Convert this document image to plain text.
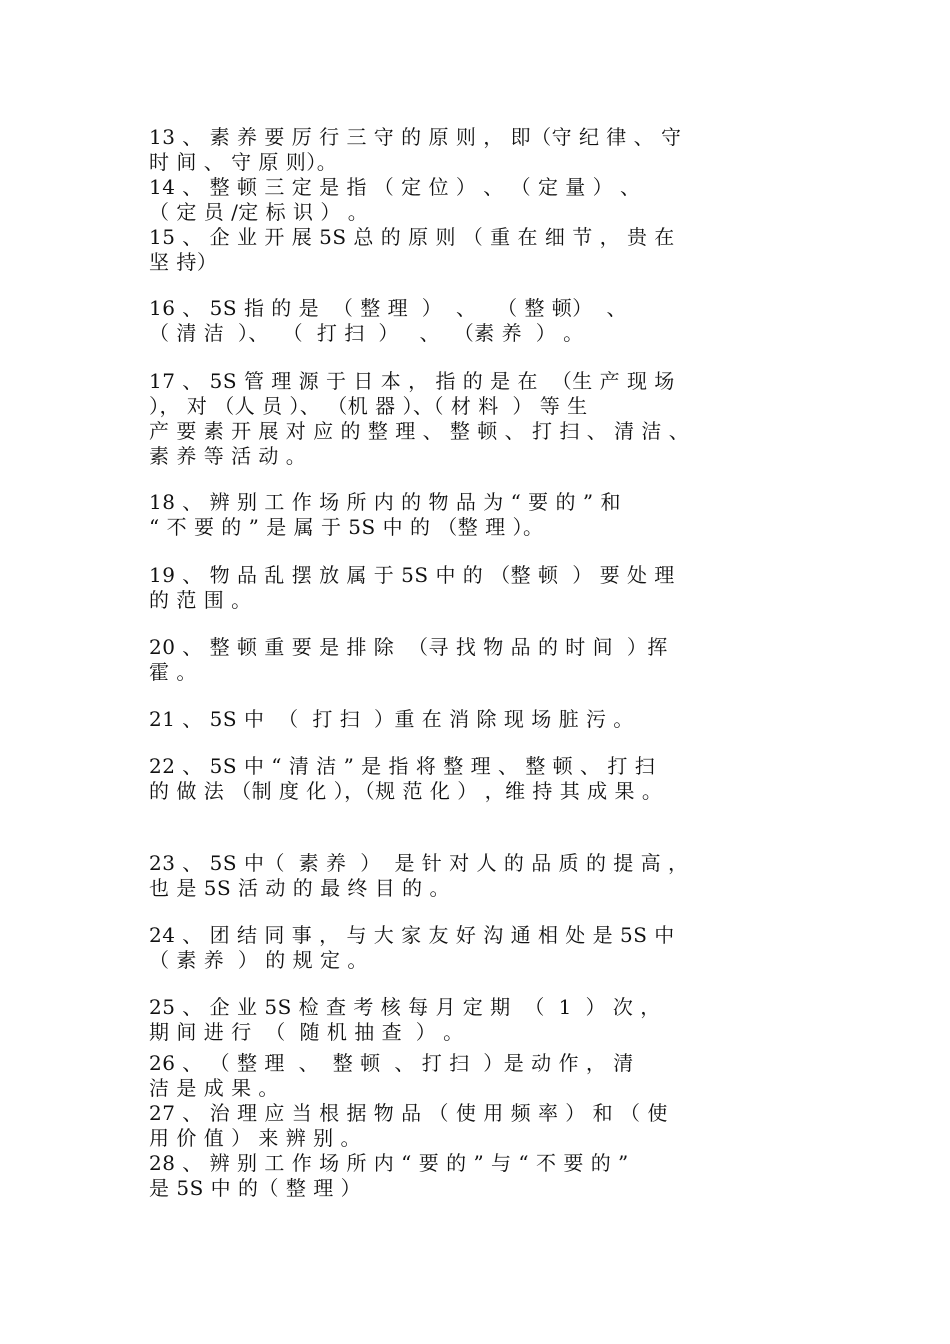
13 、 素 养 要 厉 行 三 守 的 原 则 ， 即（守 纪 律 、 守
时 间 、 守 原 则）。
14 、 整 顿 三 定 是 指 （ 定 位 ） 、 （ 定 量 ） 、
（ 定 员 /定 标 识 ） 。
15 、 企 业 开 展 5S 总 的 原 则 （ 重 在 细 节 ， 贵 在
坚 持）
16 、 5S 指 的 是  （ 整 理  ）  、   （ 整 顿）  、
（ 清 洁  ）、  （  打 扫  ）   、  （素 养  ） 。
17 、 5S 管 理 源 于 日 本 ， 指 的 是 在  （生 产 现 场
）， 对 （人 员 ）、 （机 器 ）、（ 材 料  ） 等 生
产 要 素 开 展 对 应 的 整 理 、 整 顿 、 打 扫 、 清 洁 、
素 养 等 活 动 。
18 、 辨 别 工 作 场 所 内 的 物 品 为 “ 要 的 ” 和
“ 不 要 的 ” 是 属 于 5S 中 的 （整 理 ）。
19 、 物 品 乱 摆 放 属 于 5S 中 的 （整 顿  ） 要 处 理
的 范 围 。
20 、 整 顿 重 要 是 排 除  （寻 找 物 品 的 时 间  ）挥
霍 。
21 、 5S 中  （  打 扫  ）重 在 消 除 现 场 脏 污 。
22 、 5S 中 “ 清 洁 ” 是 指 将 整 理 、 整 顿 、 打 扫
的 做 法 （制 度 化 ），（规 范 化 ） ，维 持 其 成 果 。
23 、 5S 中（  素 养  ）  是 针 对 人 的 品 质 的 提 高 ，
也 是 5S 活 动 的 最 终 目 的 。
24 、 团 结 同 事 ， 与 大 家 友 好 沟 通 相 处 是 5S 中
（ 素 养  ） 的 规 定 。
25 、 企 业 5S 检 查 考 核 每 月 定 期  （  1  ） 次 ，
期 间 进 行  （  随 机 抽 查  ） 。
26 、 （ 整 理  、  整 顿  、 打 扫  ）是 动 作 ， 清
洁 是 成 果 。
27 、 治 理 应 当 根 据 物 品 （ 使 用 频 率 ） 和 （ 使
用 价 值 ） 来 辨 别 。
28 、 辨 别 工 作 场 所 内 “ 要 的 ” 与 “ 不 要 的 ”
是 5S 中 的（ 整 理 ）
